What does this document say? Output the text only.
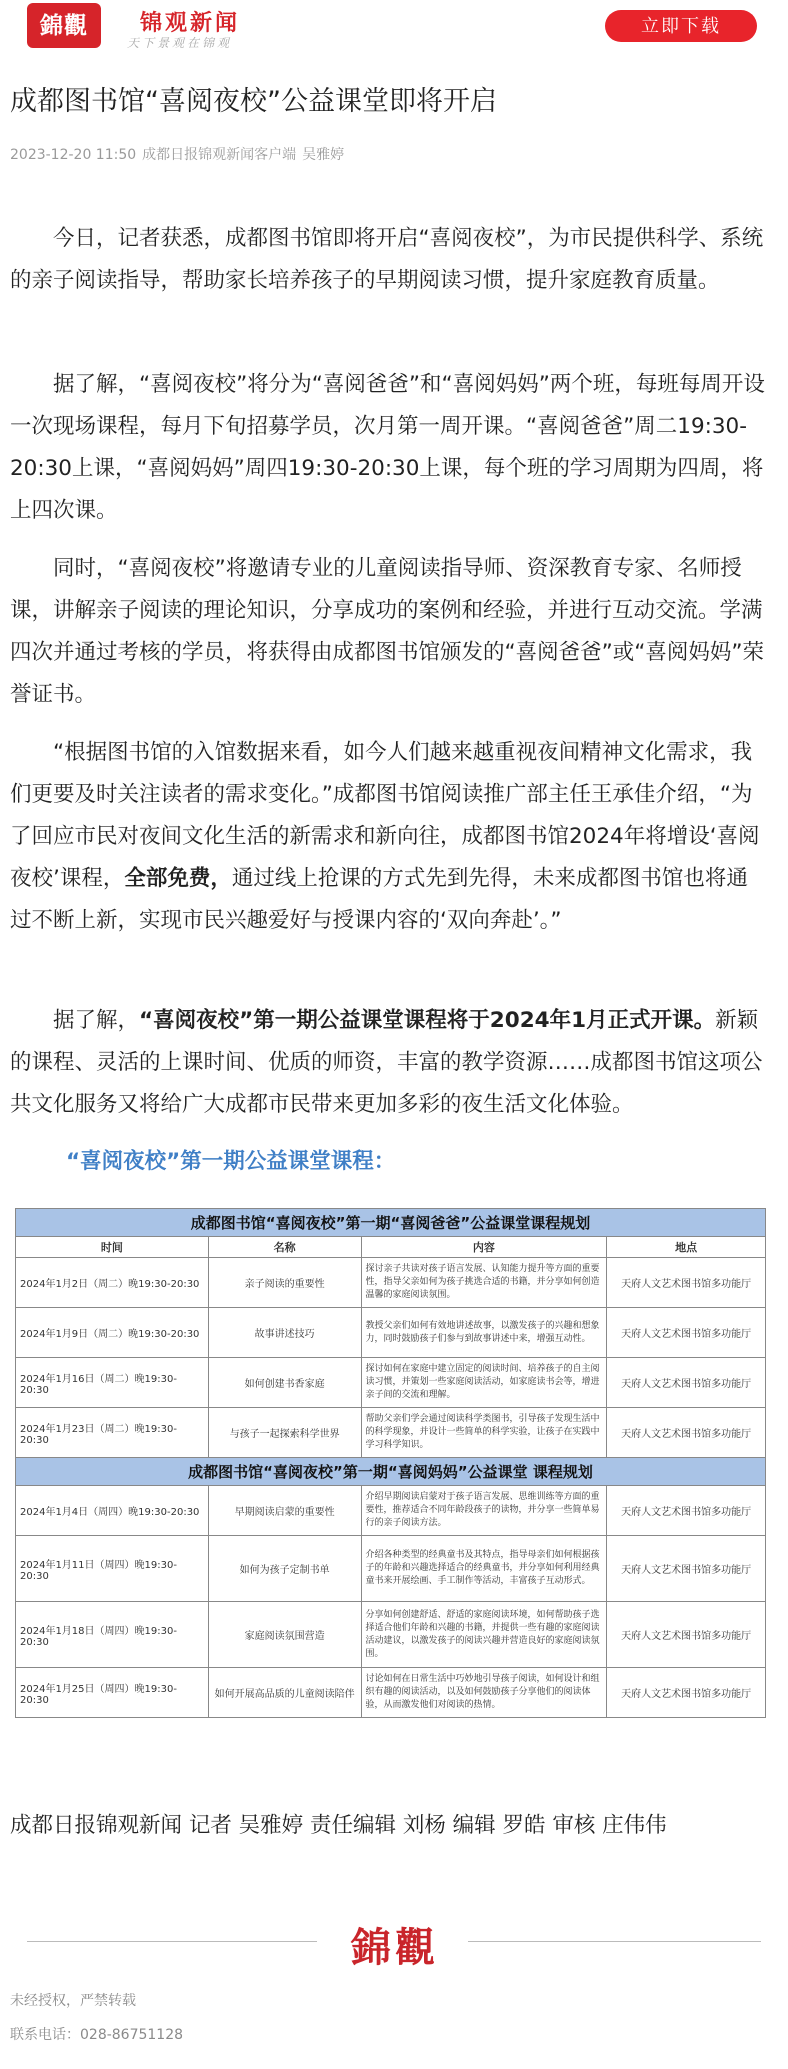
錦觀	锦观新闻
天下景观在锦观
立即下载
成都图书馆“喜阅夜校”公益课堂即将开启
2023-12-20 11:50 成都日报锦观新闻客户端 吴雅婷

今日，记者获悉，成都图书馆即将开启“喜阅夜校”，为市民提供科学、系统的亲子阅读指导，帮助家长培养孩子的早期阅读习惯，提升家庭教育质量。

据了解，“喜阅夜校”将分为“喜阅爸爸”和“喜阅妈妈”两个班，每班每周开设一次现场课程，每月下旬招募学员，次月第一周开课。“喜阅爸爸”周二19:30-20:30上课，“喜阅妈妈”周四19:30-20:30上课，每个班的学习周期为四周，将上四次课。

同时，“喜阅夜校”将邀请专业的儿童阅读指导师、资深教育专家、名师授课，讲解亲子阅读的理论知识，分享成功的案例和经验，并进行互动交流。学满四次并通过考核的学员，将获得由成都图书馆颁发的“喜阅爸爸”或“喜阅妈妈”荣誉证书。

“根据图书馆的入馆数据来看，如今人们越来越重视夜间精神文化需求，我们更要及时关注读者的需求变化。”成都图书馆阅读推广部主任王承佳介绍，“为了回应市民对夜间文化生活的新需求和新向往，成都图书馆2024年将增设‘喜阅夜校’课程，全部免费，通过线上抢课的方式先到先得，未来成都图书馆也将通过不断上新，实现市民兴趣爱好与授课内容的‘双向奔赴’。”

据了解，“喜阅夜校”第一期公益课堂课程将于2024年1月正式开课。新颖的课程、灵活的上课时间、优质的师资，丰富的教学资源……成都图书馆这项公共文化服务又将给广大成都市民带来更加多彩的夜生活文化体验。

“喜阅夜校”第一期公益课堂课程：
成都图书馆“喜阅夜校”第一期“喜阅爸爸”公益课堂课程规划			
时间	名称	内容	地点
2024年1月2日（周二）晚19:30-20:30	亲子阅读的重要性	探讨亲子共读对孩子语言发展、认知能力提升等方面的重要性，指导父亲如何为孩子挑选合适的书籍，并分享如何创造温馨的家庭阅读氛围。	天府人文艺术图书馆多功能厅
2024年1月9日（周二）晚19:30-20:30	故事讲述技巧	教授父亲们如何有效地讲述故事，以激发孩子的兴趣和想象力，同时鼓励孩子们参与到故事讲述中来，增强互动性。	天府人文艺术图书馆多功能厅
2024年1月16日（周二）晚19:30-20:30	如何创建书香家庭	探讨如何在家庭中建立固定的阅读时间、培养孩子的自主阅读习惯，并策划一些家庭阅读活动，如家庭读书会等，增进亲子间的交流和理解。	天府人文艺术图书馆多功能厅
2024年1月23日（周二）晚19:30-20:30	与孩子一起探索科学世界	帮助父亲们学会通过阅读科学类图书，引导孩子发现生活中的科学现象，并设计一些简单的科学实验，让孩子在实践中学习科学知识。	天府人文艺术图书馆多功能厅
成都图书馆“喜阅夜校”第一期“喜阅妈妈”公益课堂 课程规划			
2024年1月4日（周四）晚19:30-20:30	早期阅读启蒙的重要性	介绍早期阅读启蒙对于孩子语言发展、思维训练等方面的重要性，推荐适合不同年龄段孩子的读物，并分享一些简单易行的亲子阅读方法。	天府人文艺术图书馆多功能厅
2024年1月11日（周四）晚19:30-20:30	如何为孩子定制书单	介绍各种类型的经典童书及其特点，指导母亲们如何根据孩子的年龄和兴趣选择适合的经典童书，并分享如何利用经典童书来开展绘画、手工制作等活动，丰富孩子互动形式。	天府人文艺术图书馆多功能厅
2024年1月18日（周四）晚19:30-20:30	家庭阅读氛围营造	分享如何创建舒适、舒适的家庭阅读环境，如何帮助孩子选择适合他们年龄和兴趣的书籍，并提供一些有趣的家庭阅读活动建议，以激发孩子的阅读兴趣并营造良好的家庭阅读氛围。	天府人文艺术图书馆多功能厅
2024年1月25日（周四）晚19:30-20:30	如何开展高品质的儿童阅读陪伴	讨论如何在日常生活中巧妙地引导孩子阅读，如何设计和组织有趣的阅读活动，以及如何鼓励孩子分享他们的阅读体验，从而激发他们对阅读的热情。	天府人文艺术图书馆多功能厅
成都日报锦观新闻 记者 吴雅婷 责任编辑 刘杨 编辑 罗皓 审核 庄伟伟
錦觀
未经授权，严禁转载
联系电话：028-86751128
